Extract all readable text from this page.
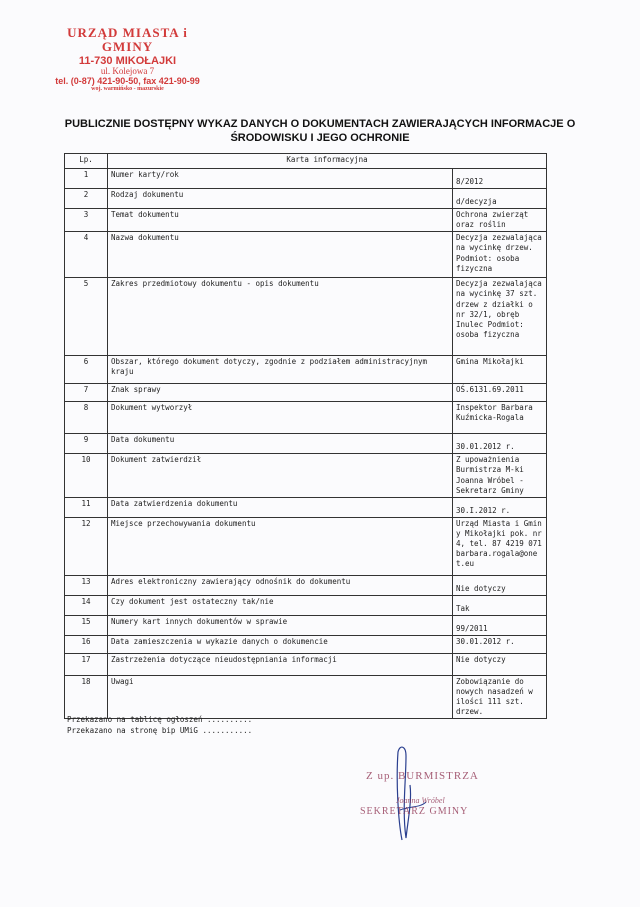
URZĄD MIASTA i GMINY
11-730 MIKOŁAJKI
ul. Kolejowa 7
tel. (0-87) 421-90-50, fax 421-90-99
woj. warmińsko - mazurskie
PUBLICZNIE DOSTĘPNY WYKAZ DANYCH O DOKUMENTACH ZAWIERAJĄCYCH INFORMACJE O ŚRODOWISKU I JEGO OCHRONIE
Lp.	Karta informacyjna	
1	Numer karty/rok	8/2012
2	Rodzaj dokumentu	d/decyzja
3	Temat dokumentu	Ochrona zwierząt oraz roślin
4	Nazwa dokumentu	Decyzja zezwalająca na wycinkę drzew. Podmiot: osoba fizyczna
5	Zakres przedmiotowy dokumentu - opis dokumentu	Decyzja zezwalająca na wycinkę 37 szt. drzew z działki o nr 32/1, obręb Inulec Podmiot: osoba fizyczna
6	Obszar, którego dokument dotyczy, zgodnie z podziałem administracyjnym kraju	Gmina Mikołajki
7	Znak sprawy	OŚ.6131.69.2011
8	Dokument wytworzył	Inspektor Barbara Kuźmicka-Rogala
9	Data dokumentu	30.01.2012 r.
10	Dokument zatwierdził	Z upoważnienia Burmistrza M-ki Joanna Wróbel - Sekretarz Gminy
11	Data zatwierdzenia dokumentu	30.I.2012 r.
12	Miejsce przechowywania dokumentu	Urząd Miasta i Gminy Mikołajki pok. nr 4, tel. 87 4219 071 barbara.rogala@onet.eu
13	Adres elektroniczny zawierający odnośnik do dokumentu	Nie dotyczy
14	Czy dokument jest ostateczny tak/nie	Tak
15	Numery kart innych dokumentów w sprawie	99/2011
16	Data zamieszczenia w wykazie danych o dokumencie	30.01.2012 r.
17	Zastrzeżenia dotyczące nieudostępniania informacji	Nie dotyczy
18	Uwagi	Zobowiązanie do nowych nasadzeń w ilości 111 szt. drzew.
Przekazano na tablicę ogłoszeń ..........
Przekazano na stronę bip UMiG ...........
Z up. BURMISTRZA
Joanna Wróbel
SEKRETARZ GMINY
